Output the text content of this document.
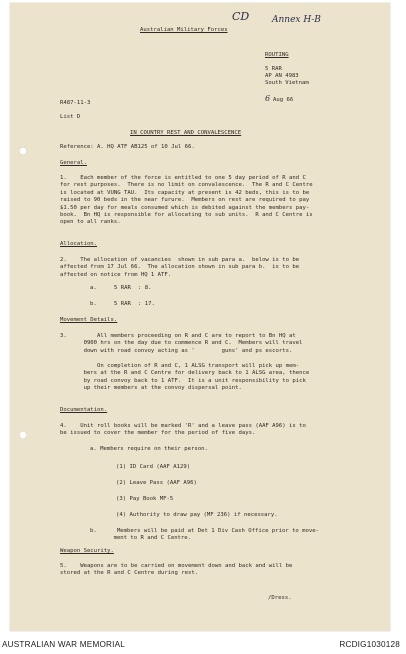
CD	Annex H-B
Australian Military Forces
ROUTING
5 RAR
AP AN 4983
South Vietnam
6 Aug 66
R487-11-3
List D
IN COUNTRY REST AND CONVALESCENCE
Reference: A. HQ ATF AB125 of 10 Jul 66.
General.
1.    Each member of the force is entitled to one 5 day period of R and C
for rest purposes.  There is no limit on convalescence.  The R and C Centre
is located at VUNG TAU.  Its capacity at present is 42 beds, this is to be
raised to 90 beds in the near furure.  Members on rest are required to pay
$1.50 per day for meals consumed which is debited against the members pay-
book.  Bn HQ is responsible for allocating to sub units.  R and C Centre is
open to all ranks.
Allocation.
2.    The allocation of vacancies  shown in sub para a.  below is to be
affected from 17 Jul 66.  The allocation shown in sub para b.  is to be
affected on notice from HQ 1 ATF.
a.	5 RAR : 8.
b.	5 RAR : 17.
Movement Details.
3.         All members proceeding on R and C are to report to Bn HQ at
0900 hrs on the day due to commence R and C.  Members will travel
down with road convoy acting as '        guns' and ps escorts.
On completion of R and C, 1 ALSG transport will pick up mem-
bers at the R and C Centre for delivery back to 1 ALSG area, thence
by road convoy back to 1 ATF.  It is a unit responsibility to pick
up their members at the convoy dispersal point.
Documentation.
4.    Unit roll books will be marked 'R' and a leave pass (AAF A96) is to
be issued to cover the member for the period of five days.
a. Members require on their person.
(1) ID Card (AAF A129)
(2) Leave Pass (AAF A96)
(3) Pay Book MF-5
(4) Authority to draw pay (MF 236) if necessary.
b.      Members will be paid at Det 1 Div Cash Office prior to move-
ment to R and C Centre.
Weapon Security.
5.    Weapons are to be carried on movement down and back and will be
stored at the R and C Centre during rest.
/Dress.
AUSTRALIAN WAR MEMORIAL	RCDIG1030128
